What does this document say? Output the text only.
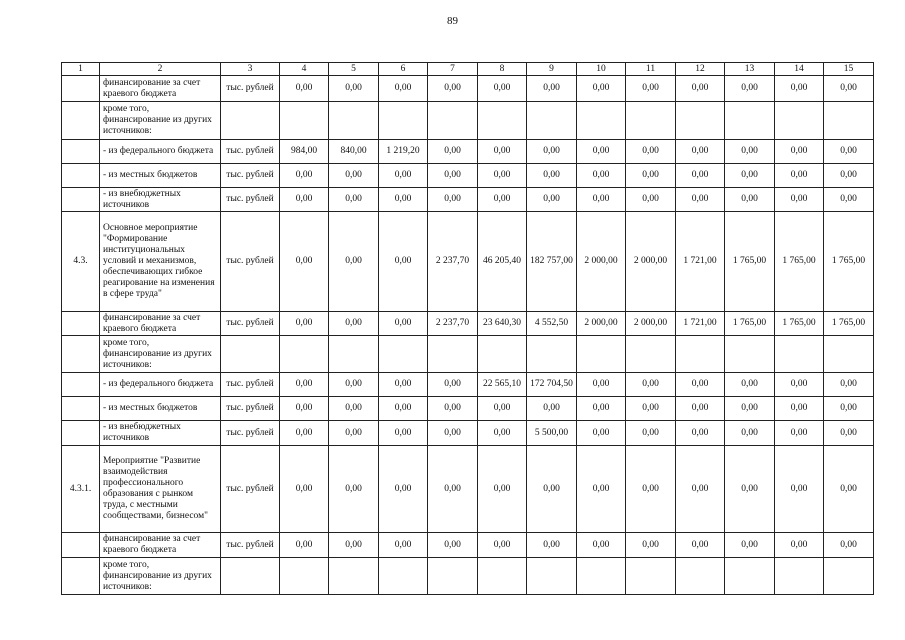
89
1	2	3	4	5	6	7	8	9	10	11	12	13	14	15
	финансирование за счет краевого бюджета	тыс. рублей	0,00	0,00	0,00	0,00	0,00	0,00	0,00	0,00	0,00	0,00	0,00	0,00
	кроме того, финансирование из других источников:													
	- из федерального бюджета	тыс. рублей	984,00	840,00	1 219,20	0,00	0,00	0,00	0,00	0,00	0,00	0,00	0,00	0,00
	- из местных бюджетов	тыс. рублей	0,00	0,00	0,00	0,00	0,00	0,00	0,00	0,00	0,00	0,00	0,00	0,00
	- из внебюджетных источников	тыс. рублей	0,00	0,00	0,00	0,00	0,00	0,00	0,00	0,00	0,00	0,00	0,00	0,00
4.3.	Основное мероприятие "Формирование институциональных условий и механизмов, обеспечивающих гибкое реагирование на изменения в сфере труда"	тыс. рублей	0,00	0,00	0,00	2 237,70	46 205,40	182 757,00	2 000,00	2 000,00	1 721,00	1 765,00	1 765,00	1 765,00
	финансирование за счет краевого бюджета	тыс. рублей	0,00	0,00	0,00	2 237,70	23 640,30	4 552,50	2 000,00	2 000,00	1 721,00	1 765,00	1 765,00	1 765,00
	кроме того, финансирование из других источников:													
	- из федерального бюджета	тыс. рублей	0,00	0,00	0,00	0,00	22 565,10	172 704,50	0,00	0,00	0,00	0,00	0,00	0,00
	- из местных бюджетов	тыс. рублей	0,00	0,00	0,00	0,00	0,00	0,00	0,00	0,00	0,00	0,00	0,00	0,00
	- из внебюджетных источников	тыс. рублей	0,00	0,00	0,00	0,00	0,00	5 500,00	0,00	0,00	0,00	0,00	0,00	0,00
4.3.1.	Мероприятие "Развитие взаимодействия профессионального образования с рынком труда, с местными сообществами, бизнесом"	тыс. рублей	0,00	0,00	0,00	0,00	0,00	0,00	0,00	0,00	0,00	0,00	0,00	0,00
	финансирование за счет краевого бюджета	тыс. рублей	0,00	0,00	0,00	0,00	0,00	0,00	0,00	0,00	0,00	0,00	0,00	0,00
	кроме того, финансирование из других источников:													
